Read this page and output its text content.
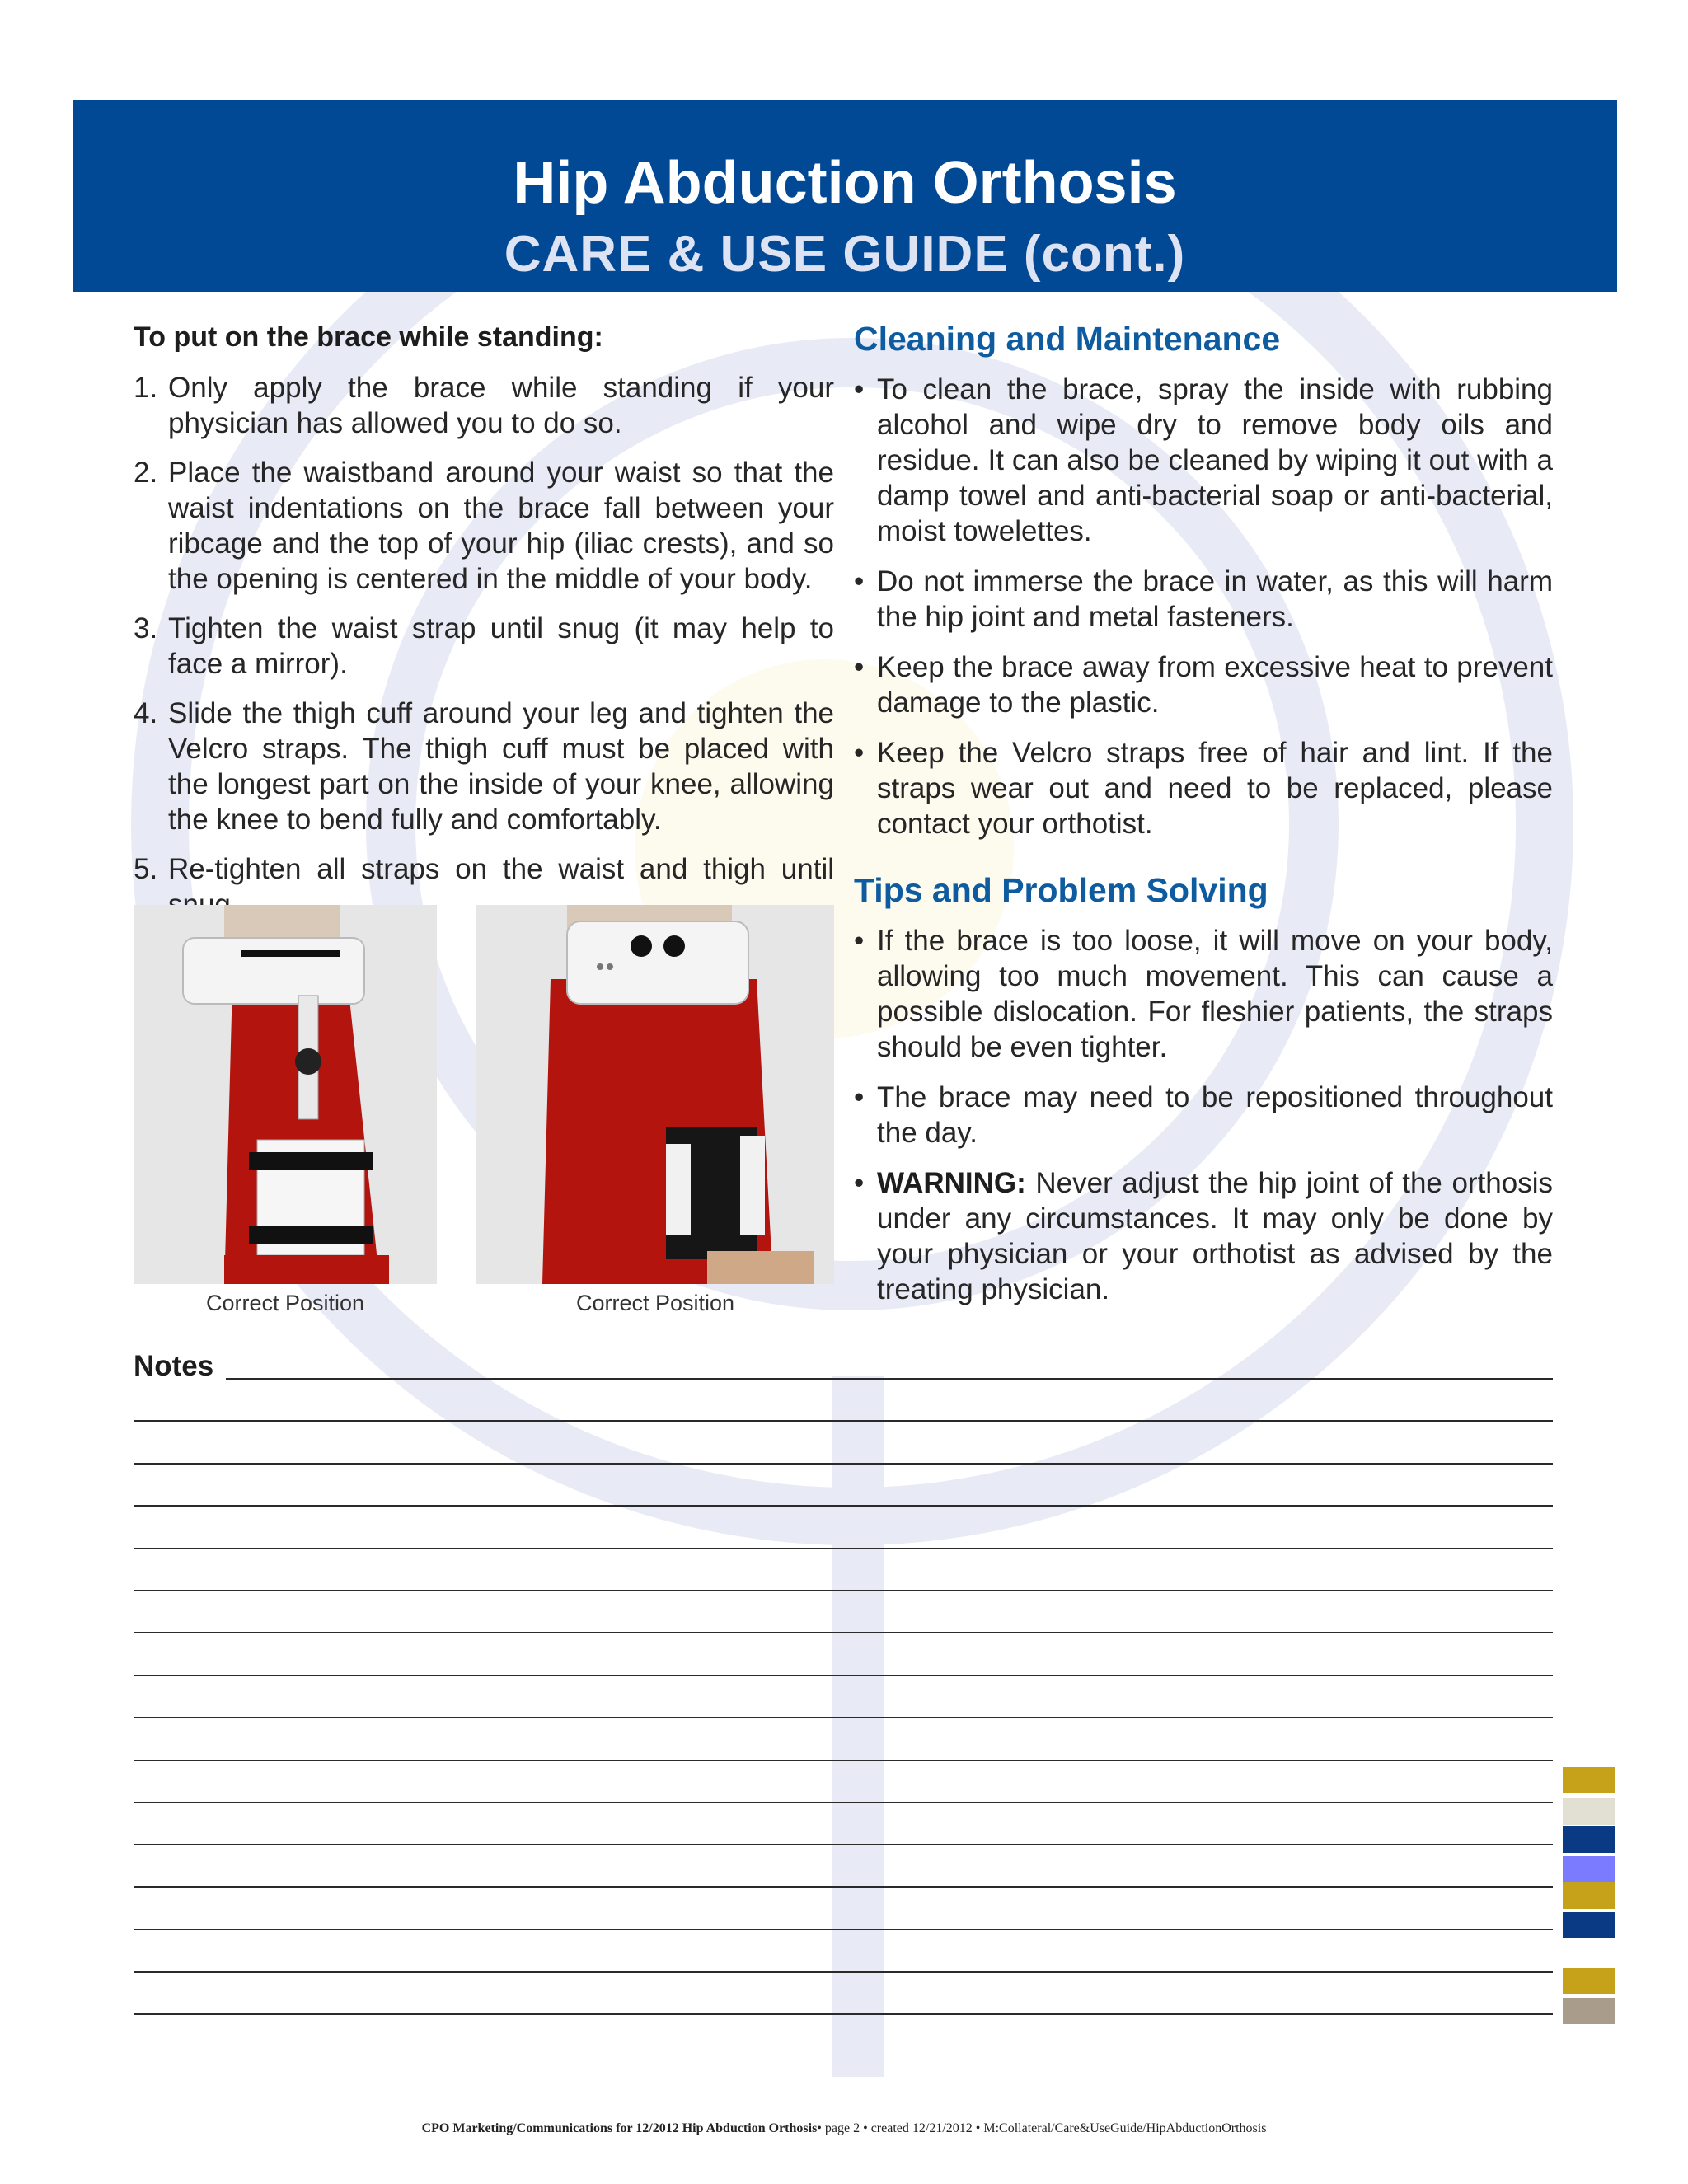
Hip Abduction Orthosis
CARE & USE GUIDE (cont.)
To put on the brace while standing:
1. Only apply the brace while standing if your physician has allowed you to do so.
2. Place the waistband around your waist so that the waist indentations on the brace fall between your ribcage and the top of your hip (iliac crests), and so the opening is centered in the middle of your body.
3. Tighten the waist strap until snug (it may help to face a mirror).
4. Slide the thigh cuff around your leg and tighten the Velcro straps. The thigh cuff must be placed with the longest part on the inside of your knee, allowing the knee to bend fully and comfortably.
5. Re-tighten all straps on the waist and thigh until
Correct Position	Correct Position
Cleaning and Maintenance
• To clean the brace, spray the inside with rubbing alcohol and wipe dry to remove body oils and residue. It can also be cleaned by wiping it out with a damp towel and anti-bacterial soap or anti-bacterial, moist towelettes.
• Do not immerse the brace in water, as this will harm the hip joint and metal fasteners.
• Keep the brace away from excessive heat to prevent damage to the plastic.
• Keep the Velcro straps free of hair and lint. If the straps wear out and need to be replaced, please contact your orthotist.
Tips and Problem Solving
• If the brace is too loose, it will move on your body, allowing too much movement. This can cause a possible dislocation. For fleshier patients, the straps should be even tighter.
• The brace may need to be repositioned throughout the day.
• WARNING: Never adjust the hip joint of the orthosis under any circumstances. It may only be done by your physician or your orthotist as advised by the treating physician.
Notes
CPO Marketing/Communications for 12/2012 Hip Abduction Orthosis• page 2 • created 12/21/2012 • M:Collateral/Care&UseGuide/HipAbductionOrthosis
